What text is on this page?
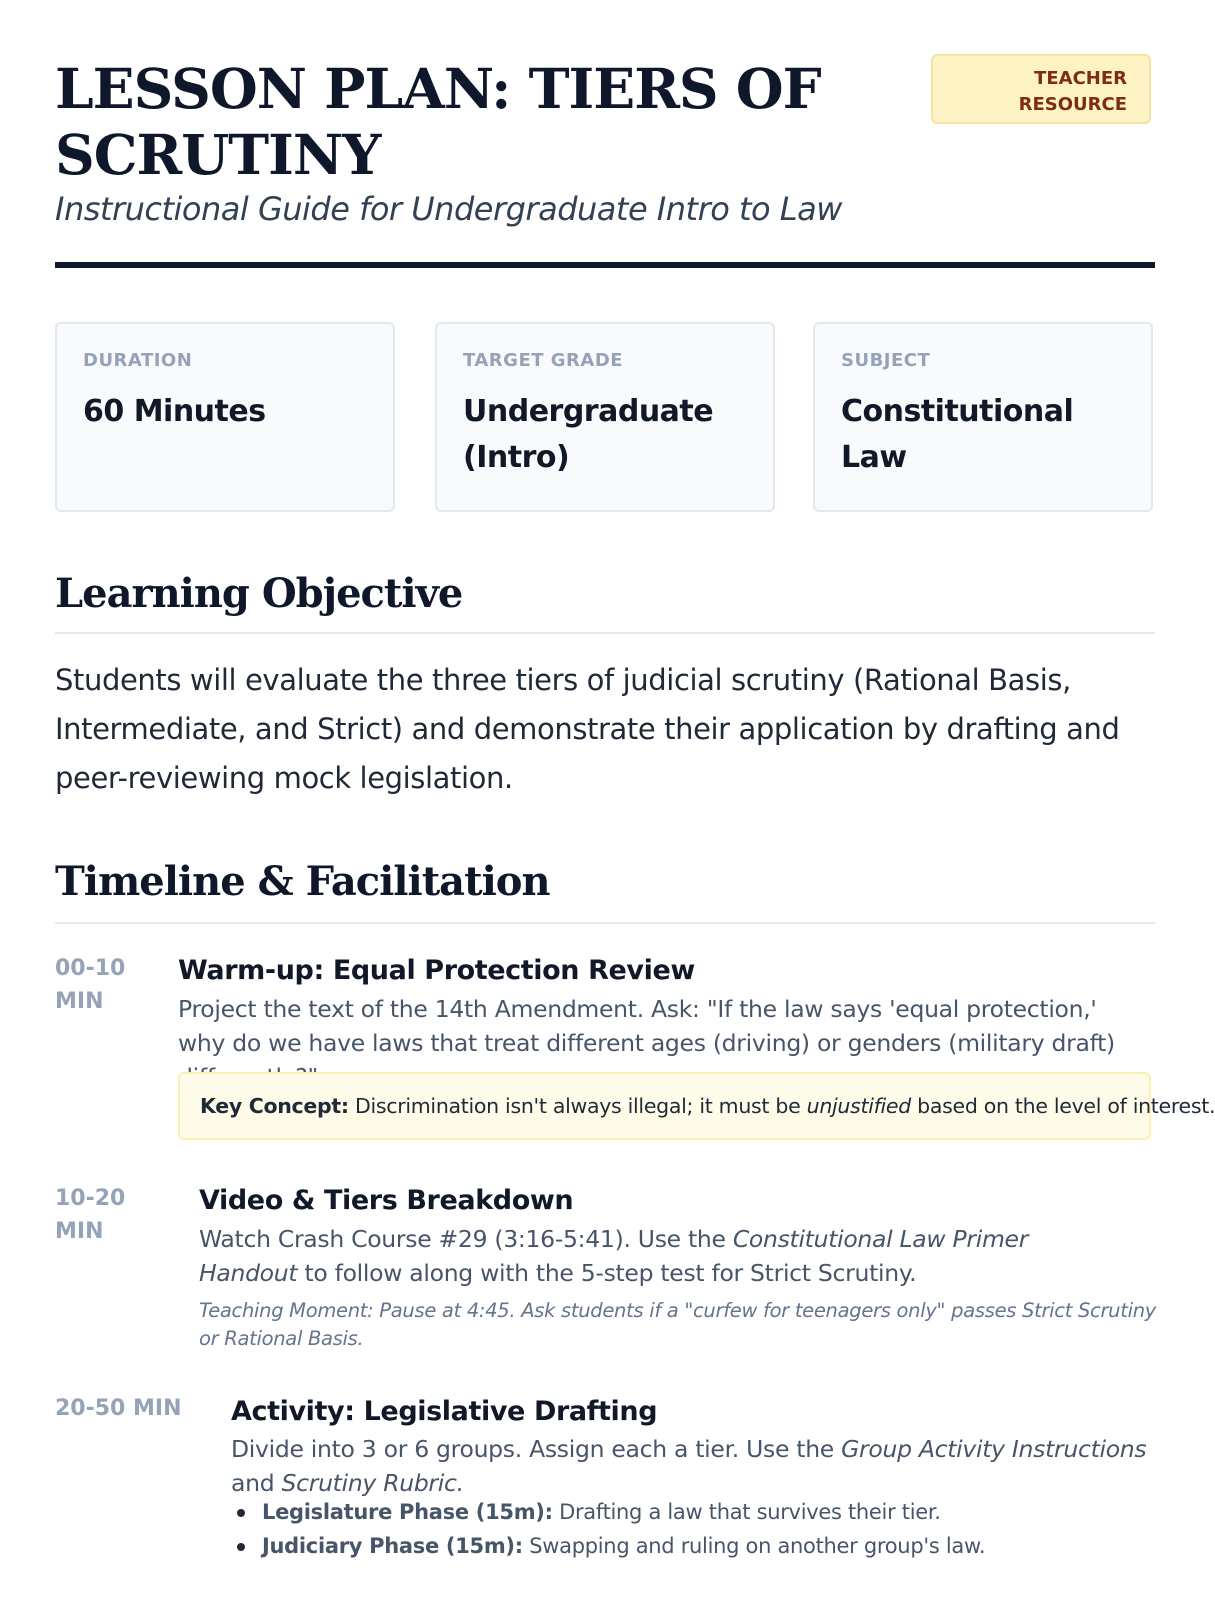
LESSON PLAN: TIERS OF SCRUTINY
Instructional Guide for Undergraduate Intro to Law
TEACHER
RESOURCE
DURATION
60 Minutes
TARGET GRADE
Undergraduate (Intro)
SUBJECT
Constitutional Law
Learning Objective

Students will evaluate the three tiers of judicial scrutiny (Rational Basis, Intermediate, and Strict) and demonstrate their application by drafting and peer-reviewing mock legislation.

Timeline & Facilitation
00-10 MIN
Warm-up: Equal Protection Review
Project the text of the 14th Amendment. Ask: "If the law says 'equal protection,' why do we have laws that treat different ages (driving) or genders (military draft)
Key Concept: Discrimination isn't always illegal; it must be unjustified based on the level of interest.
10-20 MIN
Video & Tiers Breakdown
Watch Crash Course #29 (3:16-5:41). Use the Constitutional Law Primer Handout to follow along with the 5-step test for Strict Scrutiny.
Teaching Moment: Pause at 4:45. Ask students if a "curfew for teenagers only" passes Strict Scrutiny or Rational Basis.
20-50 MIN Activity: Legislative Drafting
Divide into 3 or 6 groups. Assign each a tier. Use the Group Activity Instructions and Scrutiny Rubric.
Legislature Phase (15m): Drafting a law that survives their tier.
Judiciary Phase (15m): Swapping and ruling on another group's law.
